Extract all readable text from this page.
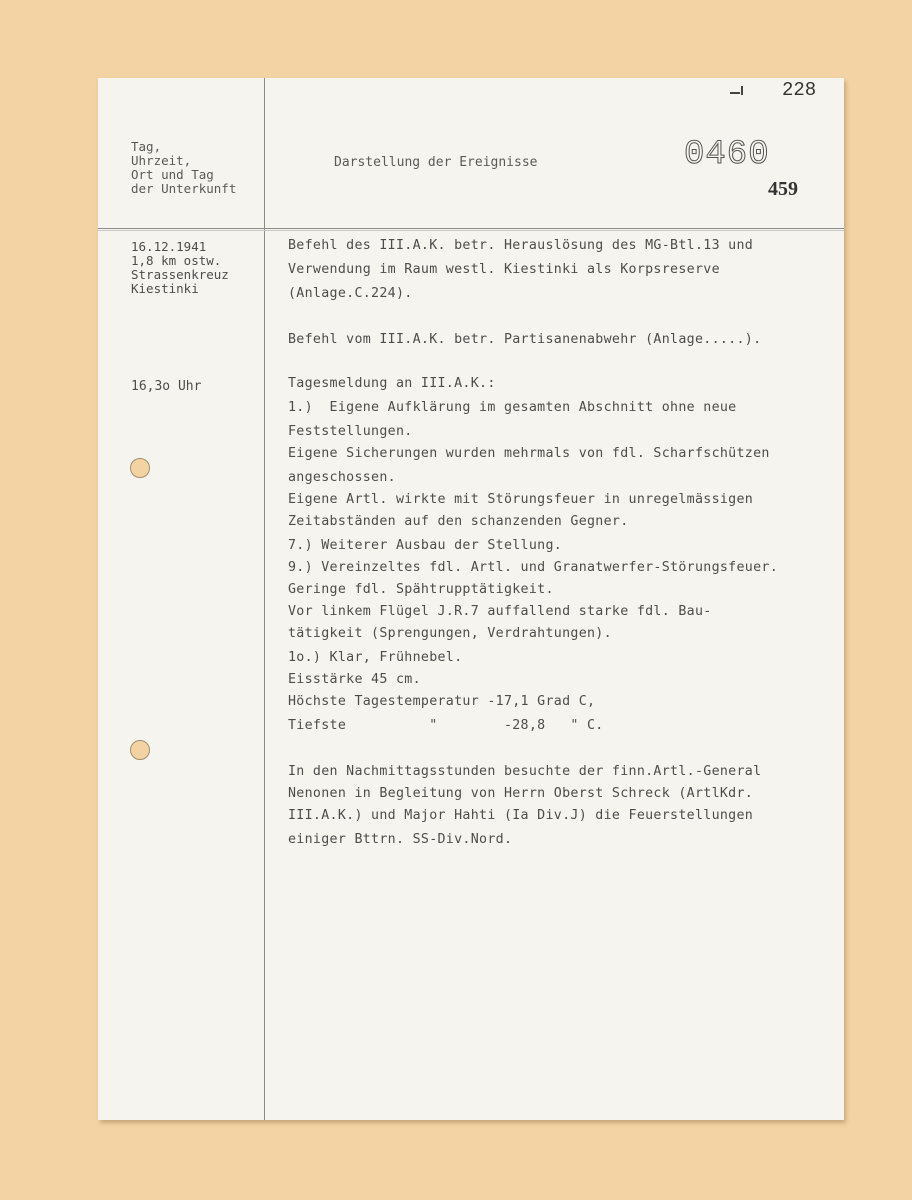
228
0460
459
Tag,
Uhrzeit,
Ort und Tag
der Unterkunft
Darstellung der Ereignisse
16.12.1941
1,8 km ostw.
Strassenkreuz
Kiestinki
16,3o Uhr
Befehl des III.A.K. betr. Herauslösung des MG-Btl.13 und
Verwendung im Raum westl. Kiestinki als Korpsreserve
(Anlage.C.224).
Befehl vom III.A.K. betr. Partisanenabwehr (Anlage.....).
Tagesmeldung an III.A.K.:
1.)  Eigene Aufklärung im gesamten Abschnitt ohne neue
Feststellungen.
Eigene Sicherungen wurden mehrmals von fdl. Scharfschützen
angeschossen.
Eigene Artl. wirkte mit Störungsfeuer in unregelmässigen
Zeitabständen auf den schanzenden Gegner.
7.) Weiterer Ausbau der Stellung.
9.) Vereinzeltes fdl. Artl. und Granatwerfer-Störungsfeuer.
Geringe fdl. Spähtrupptätigkeit.
Vor linkem Flügel J.R.7 auffallend starke fdl. Bau-
tätigkeit (Sprengungen, Verdrahtungen).
1o.) Klar, Frühnebel.
Eisstärke 45 cm.
Höchste Tagestemperatur -17,1 Grad C,
Tiefste          "        -28,8   " C.
In den Nachmittagsstunden besuchte der finn.Artl.-General
Nenonen in Begleitung von Herrn Oberst Schreck (ArtlKdr.
III.A.K.) und Major Hahti (Ia Div.J) die Feuerstellungen
einiger Bttrn. SS-Div.Nord.
